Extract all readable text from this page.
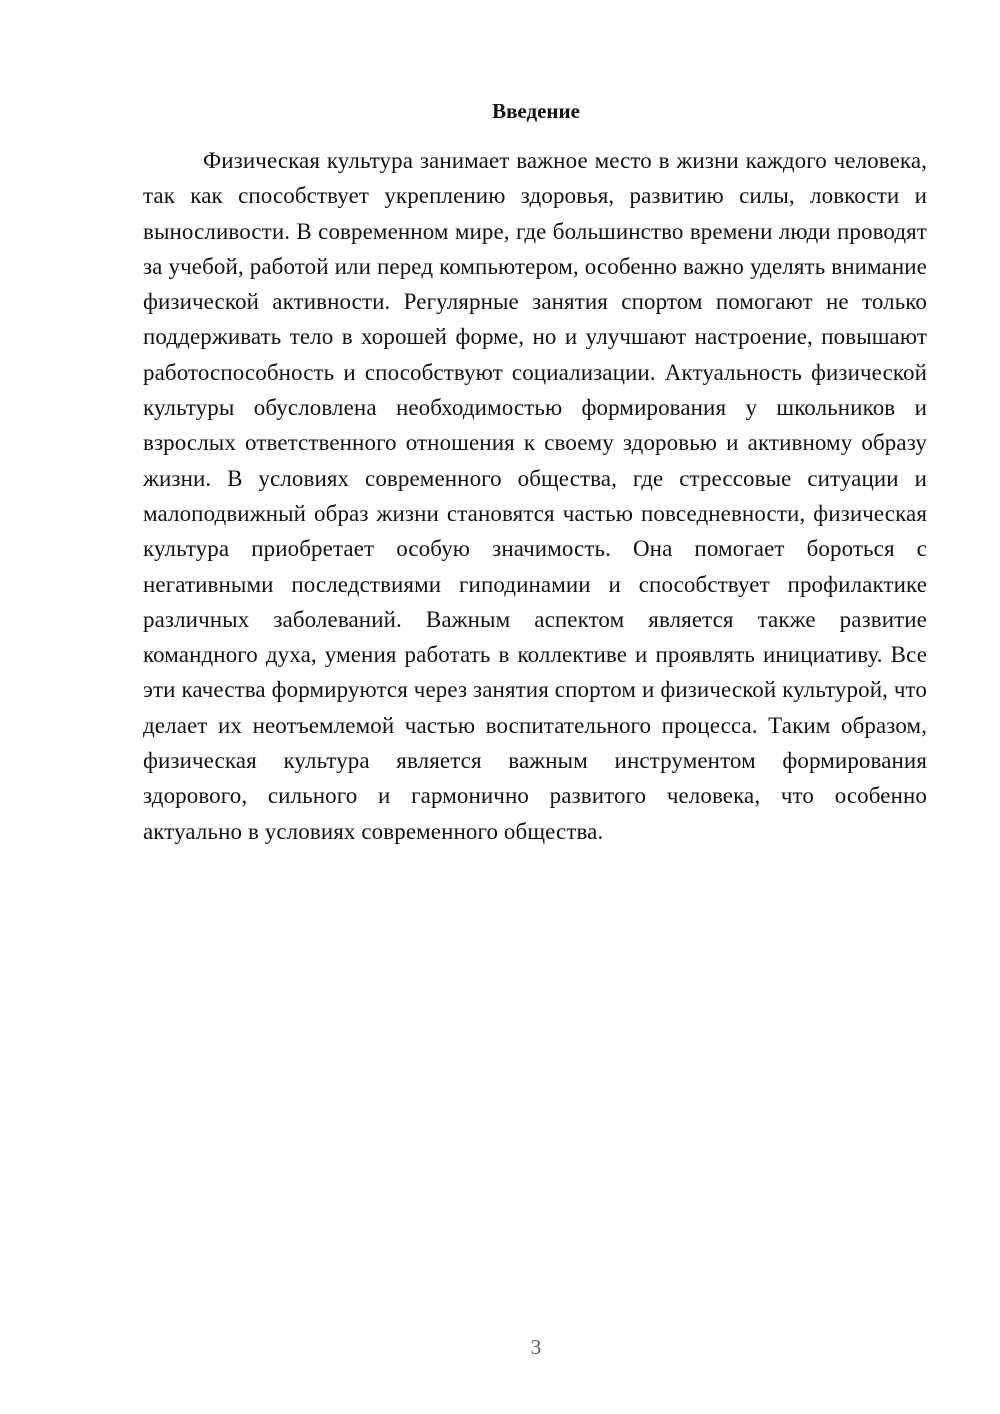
Введение

Физическая культура занимает важное место в жизни каждого человека, так как способствует укреплению здоровья, развитию силы, ловкости и выносливости. В современном мире, где большинство времени люди проводят за учебой, работой или перед компьютером, особенно важно уделять внимание физической активности. Регулярные занятия спортом помогают не только поддерживать тело в хорошей форме, но и улучшают настроение, повышают работоспособность и способствуют социализации. Актуальность физической культуры обусловлена необходимостью формирования у школьников и взрослых ответственного отношения к своему здоровью и активному образу жизни. В условиях современного общества, где стрессовые ситуации и малоподвижный образ жизни становятся частью повседневности, физическая культура приобретает особую значимость. Она помогает бороться с негативными последствиями гиподинамии и способствует профилактике различных заболеваний. Важным аспектом является также развитие командного духа, умения работать в коллективе и проявлять инициативу. Все эти качества формируются через занятия спортом и физической культурой, что делает их неотъемлемой частью воспитательного процесса. Таким образом, физическая культура является важным инструментом формирования здорового, сильного и гармонично развитого человека, что особенно актуально в условиях современного общества.

3
